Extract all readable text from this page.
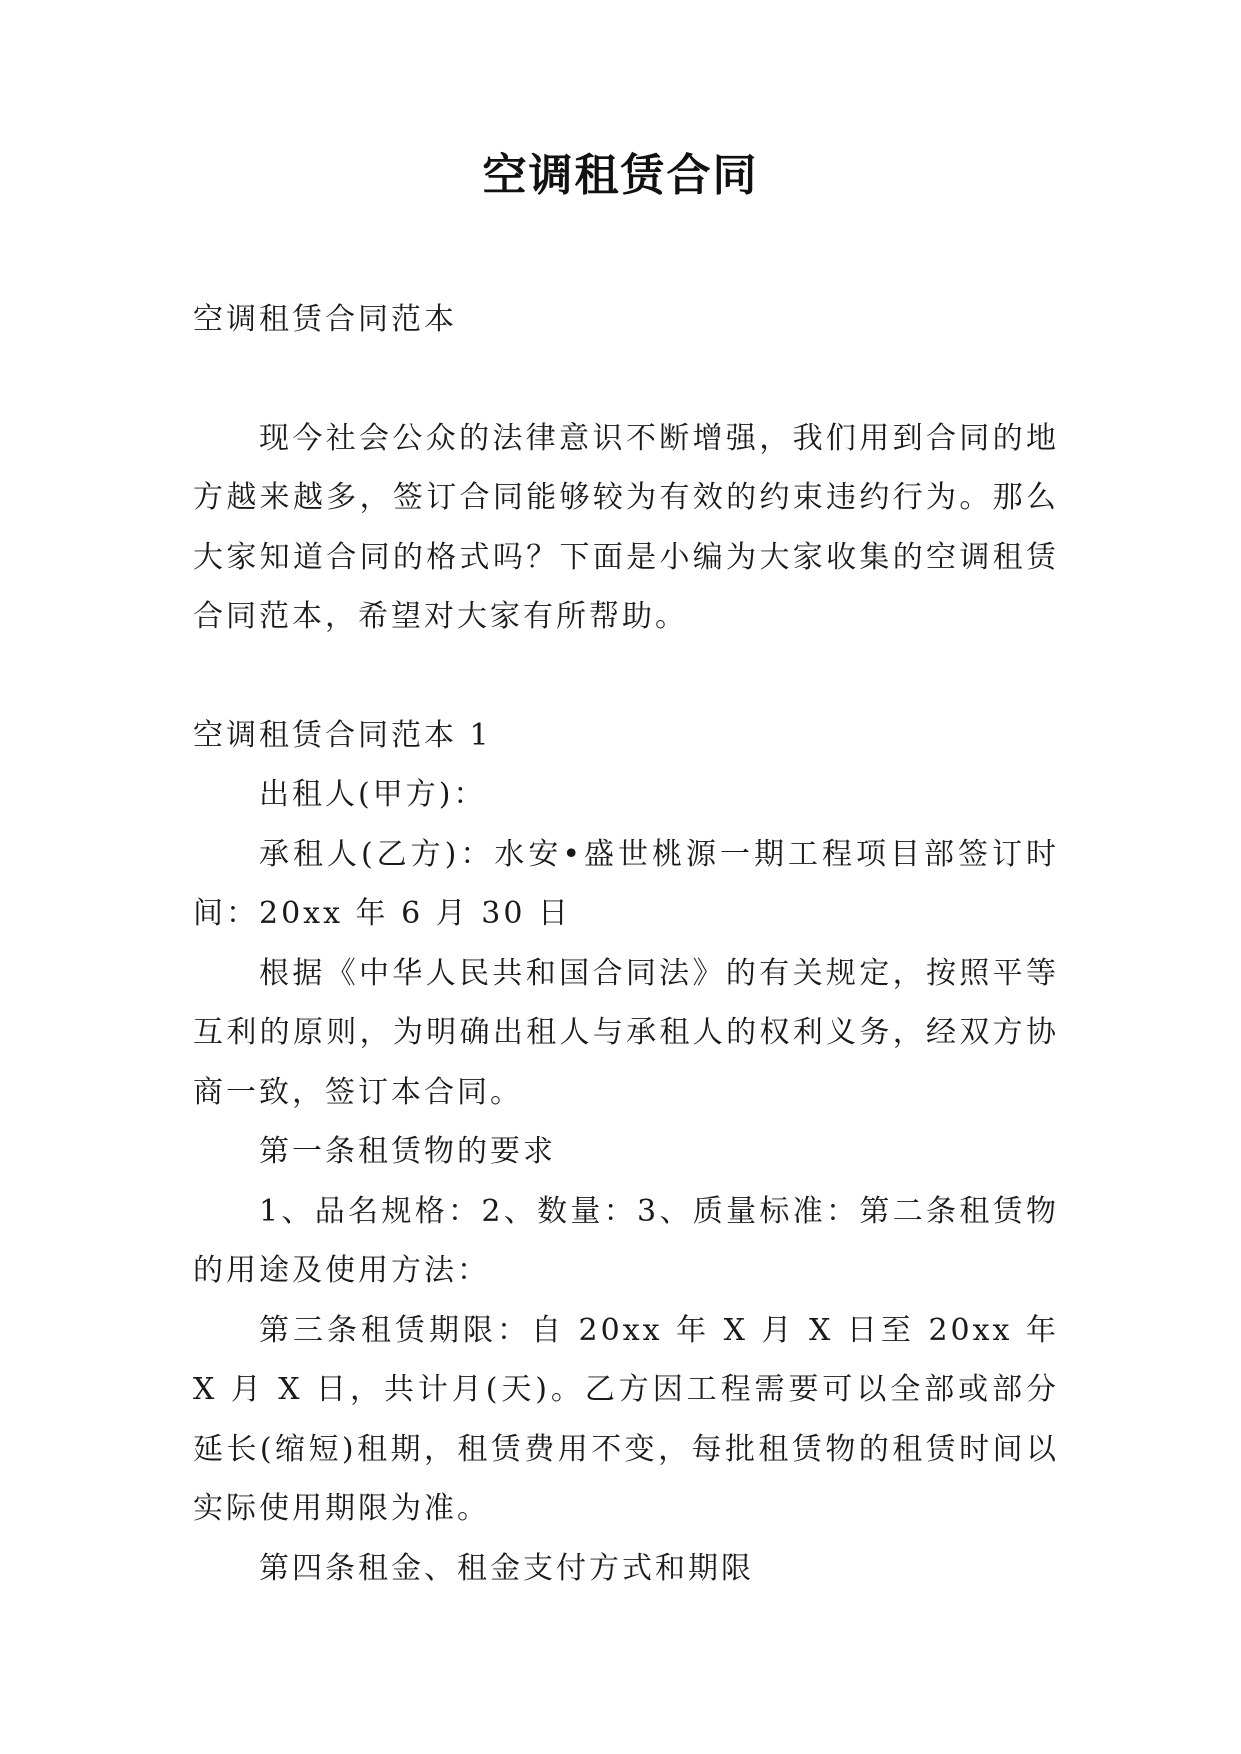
空调租赁合同

空调租赁合同范本

现今社会公众的法律意识不断增强，我们用到合同的地方越来越多，签订合同能够较为有效的约束违约行为。那么大家知道合同的格式吗？下面是小编为大家收集的空调租赁合同范本，希望对大家有所帮助。

空调租赁合同范本 1

出租人(甲方)：

承租人(乙方)：水安•盛世桃源一期工程项目部签订时间：20xx 年 6 月 30 日

根据《中华人民共和国合同法》的有关规定，按照平等互利的原则，为明确出租人与承租人的权利义务，经双方协商一致，签订本合同。

第一条租赁物的要求

1、品名规格：2、数量：3、质量标准：第二条租赁物的用途及使用方法：

第三条租赁期限：自 20xx 年 X 月 X 日至 20xx 年 X 月 X 日，共计月(天)。乙方因工程需要可以全部或部分延长(缩短)租期，租赁费用不变，每批租赁物的租赁时间以实际使用期限为准。

第四条租金、租金支付方式和期限
